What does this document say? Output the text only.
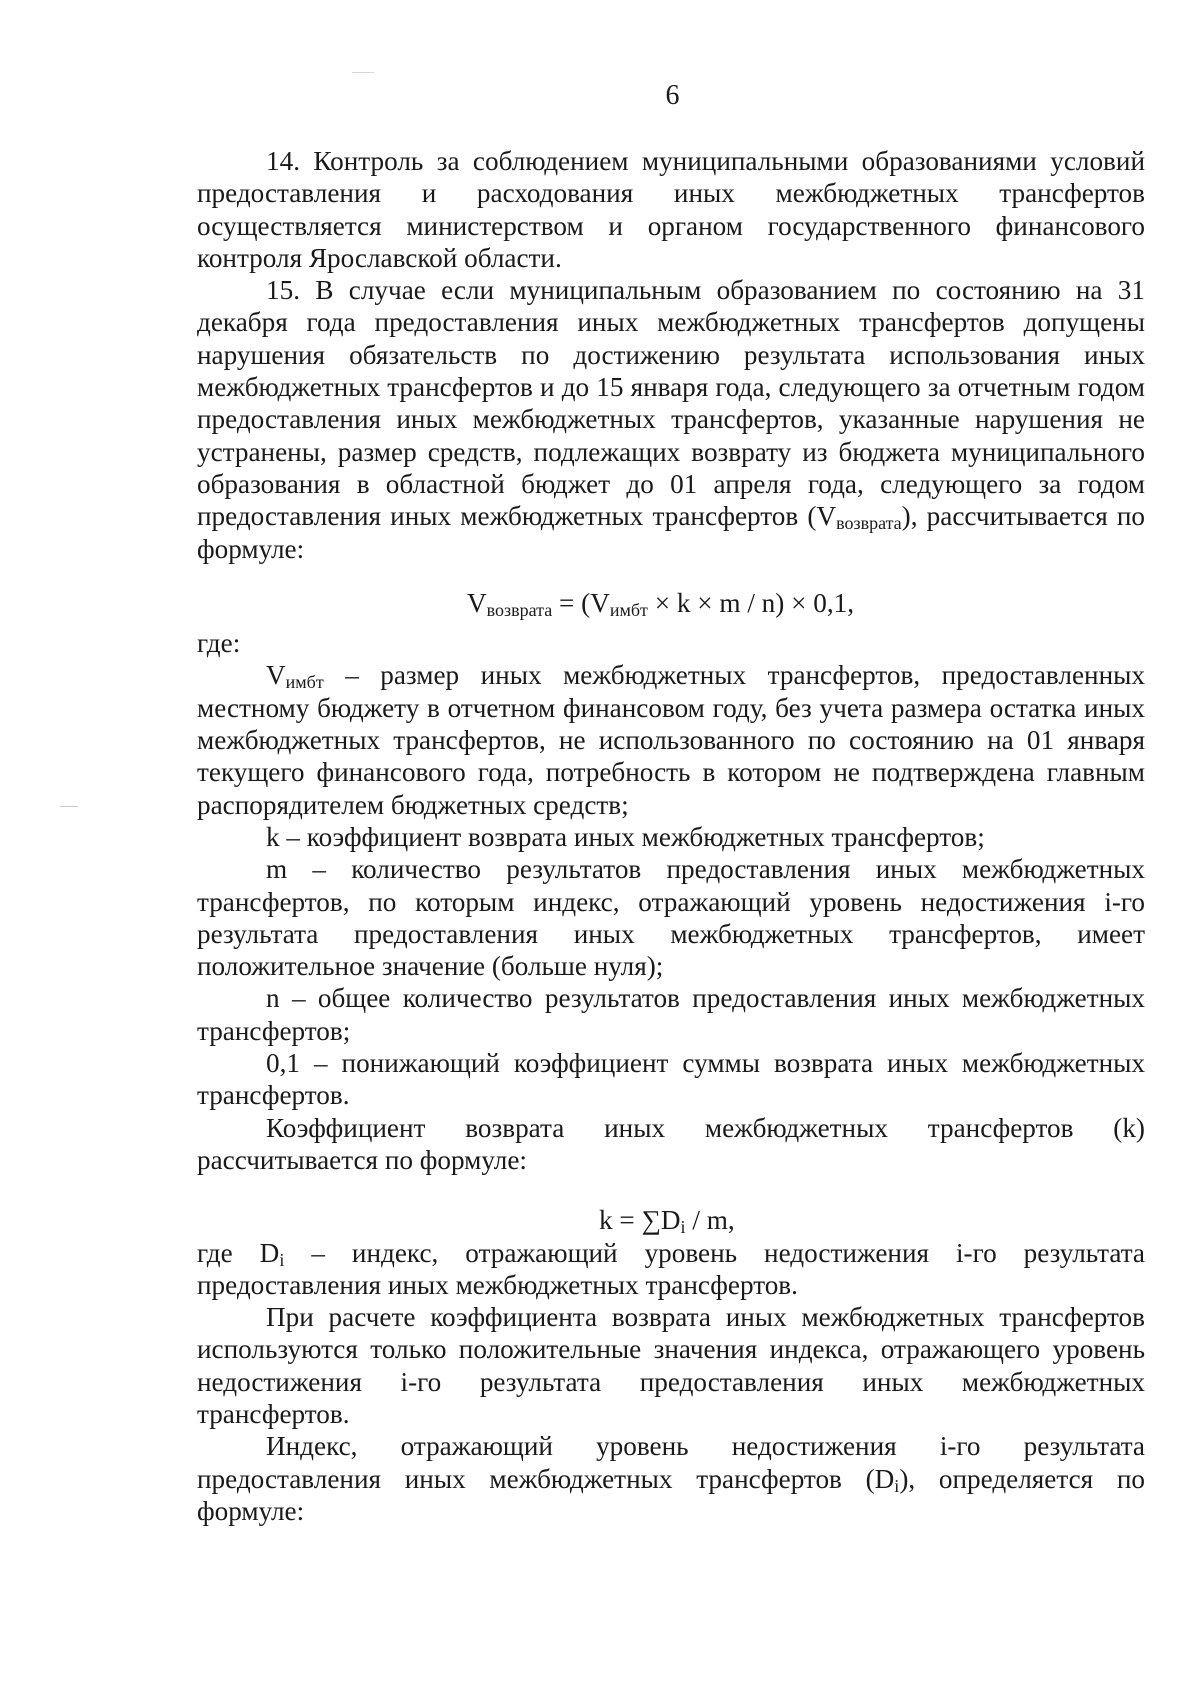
6

14. Контроль за соблюдением муниципальными образованиями условий предоставления и расходования иных межбюджетных трансфертов осуществляется министерством и органом государственного финансового контроля Ярославской области.

15. В случае если муниципальным образованием по состоянию на 31 декабря года предоставления иных межбюджетных трансфертов допущены нарушения обязательств по достижению результата использования иных межбюджетных трансфертов и до 15 января года, следующего за отчетным годом предоставления иных межбюджетных трансфертов, указанные нарушения не устранены, размер средств, подлежащих возврату из бюджета муниципального образования в областной бюджет до 01 апреля года, следующего за годом предоставления иных межбюджетных трансфертов $(V_{возврата})$, рассчитывается по формуле:

$V_{возврата} = (V_{имбт} \times k \times m / n) \times 0,1$,

где:

$V_{имбт}$ – размер иных межбюджетных трансфертов, предоставленных местному бюджету в отчетном финансовом году, без учета размера остатка иных межбюджетных трансфертов, не использованного по состоянию на 01 января текущего финансового года, потребность в котором не подтверждена главным распорядителем бюджетных средств;

k – коэффициент возврата иных межбюджетных трансфертов;

m – количество результатов предоставления иных межбюджетных трансфертов, по которым индекс, отражающий уровень недостижения i-го результата предоставления иных межбюджетных трансфертов, имеет положительное значение (больше нуля);

n – общее количество результатов предоставления иных межбюджетных трансфертов;

0,1 – понижающий коэффициент суммы возврата иных межбюджетных трансфертов.

Коэффициент возврата иных межбюджетных трансфертов (k) рассчитывается по формуле:

$k = \sum D_i / m$,

где $D_i$ – индекс, отражающий уровень недостижения i-го результата предоставления иных межбюджетных трансфертов.

При расчете коэффициента возврата иных межбюджетных трансфертов используются только положительные значения индекса, отражающего уровень недостижения i-го результата предоставления иных межбюджетных трансфертов.

Индекс, отражающий уровень недостижения i-го результата предоставления иных межбюджетных трансфертов $(D_i)$, определяется по формуле:
